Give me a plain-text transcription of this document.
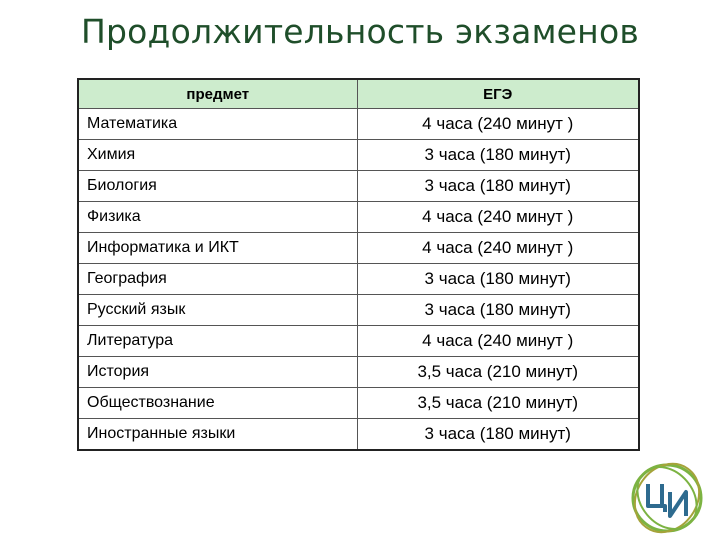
Продолжительность экзаменов
предмет	ЕГЭ
Математика	4 часа (240 минут )
Химия	3 часа (180 минут)
Биология	3 часа (180 минут)
Физика	4 часа (240 минут )
Информатика и ИКТ	4 часа (240 минут )
География	3 часа (180 минут)
Русский язык	3 часа (180 минут)
Литература	4 часа (240 минут )
История	3,5 часа (210 минут)
Обществознание	3,5 часа (210 минут)
Иностранные языки	3 часа (180 минут)
